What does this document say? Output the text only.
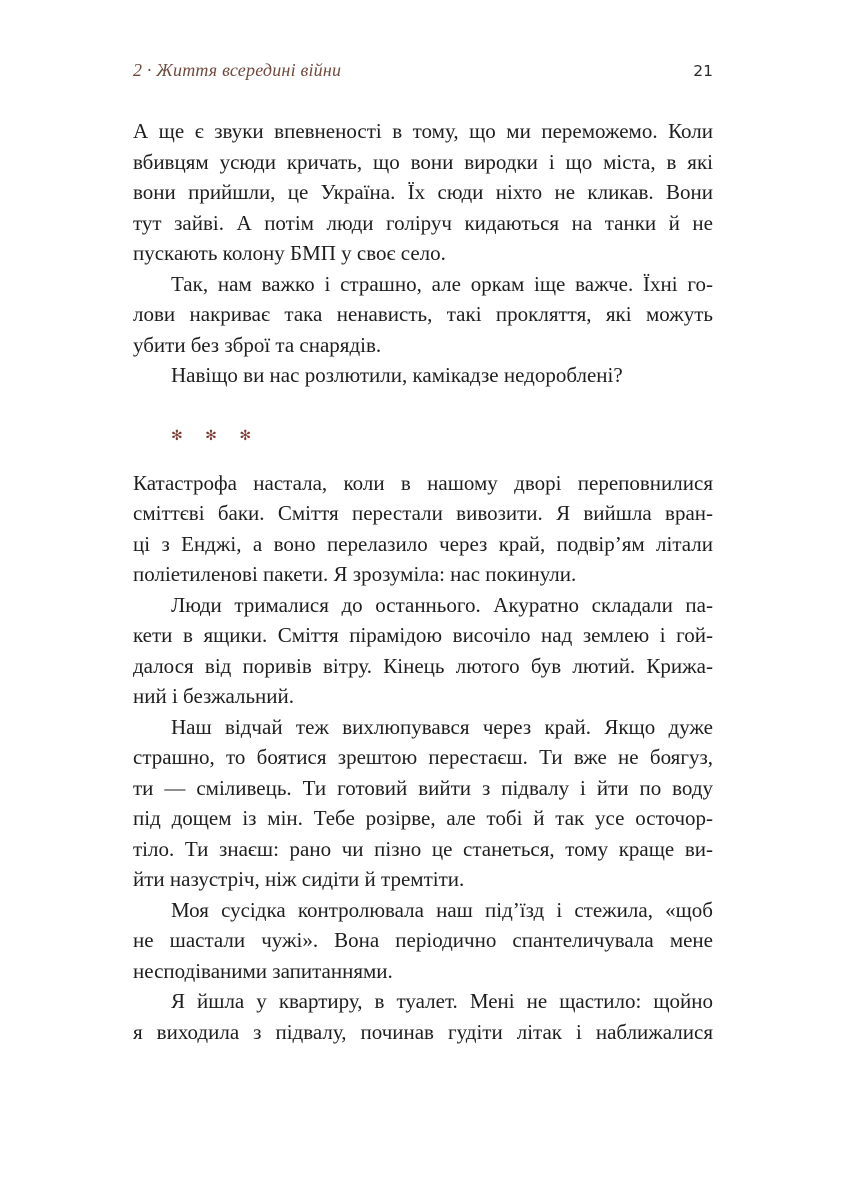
2 · Життя всередині війни	21

А ще є звуки впевненості в тому, що ми переможемо. Коли
вбивцям усюди кричать, що вони виродки і що міста, в які
вони прийшли, це Україна. Їх сюди ніхто не кликав. Вони
тут зайві. А потім люди голіруч кидаються на танки й не
пускають колону БМП у своє село.

Так, нам важко і страшно, але оркам іще важче. Їхні го-
лови накриває така ненависть, такі прокляття, які можуть
убити без зброї та снарядів.

Навіщо ви нас розлютили, камікадзе недороблені?

✻ ✻ ✻

Катастрофа настала, коли в нашому дворі переповнилися
сміттєві баки. Сміття перестали вивозити. Я вийшла вран-
ці з Енджі, а воно перелазило через край, подвір’ям літали
поліетиленові пакети. Я зрозуміла: нас покинули.

Люди трималися до останнього. Акуратно складали па-
кети в ящики. Сміття пірамідою височіло над землею і гой-
далося від поривів вітру. Кінець лютого був лютий. Крижа-
ний і безжальний.

Наш відчай теж вихлюпувався через край. Якщо дуже
страшно, то боятися зрештою перестаєш. Ти вже не боягуз,
ти — сміливець. Ти готовий вийти з підвалу і йти по воду
під дощем із мін. Тебе розірве, але тобі й так усе осточор-
тіло. Ти знаєш: рано чи пізно це станеться, тому краще ви-
йти назустріч, ніж сидіти й тремтіти.

Моя сусідка контролювала наш під’їзд і стежила, «щоб
не шастали чужі». Вона періодично спантеличувала мене
несподіваними запитаннями.

Я йшла у квартиру, в туалет. Мені не щастило: щойно
я виходила з підвалу, починав гудіти літак і наближалися
